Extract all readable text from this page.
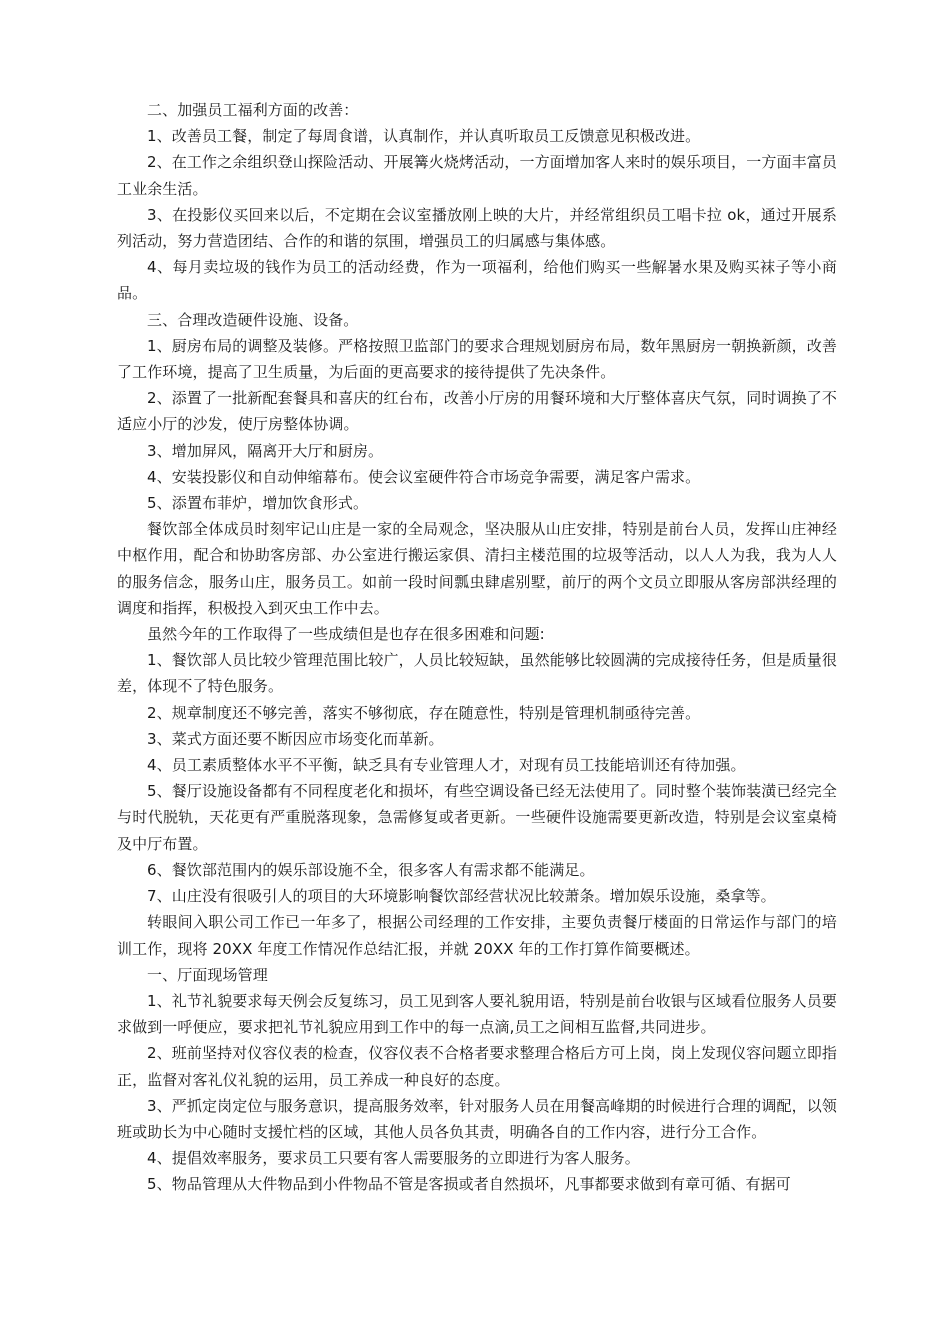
二、加强员工福利方面的改善：

1、改善员工餐，制定了每周食谱，认真制作，并认真听取员工反馈意见积极改进。

2、在工作之余组织登山探险活动、开展篝火烧烤活动，一方面增加客人来时的娱乐项目，一方面丰富员工业余生活。

3、在投影仪买回来以后，不定期在会议室播放刚上映的大片，并经常组织员工唱卡拉 ok，通过开展系列活动，努力营造团结、合作的和谐的氛围，增强员工的归属感与集体感。

4、每月卖垃圾的钱作为员工的活动经费，作为一项福利，给他们购买一些解暑水果及购买袜子等小商品。

三、合理改造硬件设施、设备。

1、厨房布局的调整及装修。严格按照卫监部门的要求合理规划厨房布局，数年黑厨房一朝换新颜，改善了工作环境，提高了卫生质量，为后面的更高要求的接待提供了先决条件。

2、添置了一批新配套餐具和喜庆的红台布，改善小厅房的用餐环境和大厅整体喜庆气氛，同时调换了不适应小厅的沙发，使厅房整体协调。

3、增加屏风，隔离开大厅和厨房。

4、安装投影仪和自动伸缩幕布。使会议室硬件符合市场竞争需要，满足客户需求。

5、添置布菲炉，增加饮食形式。

餐饮部全体成员时刻牢记山庄是一家的全局观念，坚决服从山庄安排，特别是前台人员，发挥山庄神经中枢作用，配合和协助客房部、办公室进行搬运家俱、清扫主楼范围的垃圾等活动，以人人为我，我为人人的服务信念，服务山庄，服务员工。如前一段时间瓢虫肆虐别墅，前厅的两个文员立即服从客房部洪经理的调度和指挥，积极投入到灭虫工作中去。

虽然今年的工作取得了一些成绩但是也存在很多困难和问题:

1、餐饮部人员比较少管理范围比较广，人员比较短缺，虽然能够比较圆满的完成接待任务，但是质量很差，体现不了特色服务。

2、规章制度还不够完善，落实不够彻底，存在随意性，特别是管理机制亟待完善。

3、菜式方面还要不断因应市场变化而革新。

4、员工素质整体水平不平衡，缺乏具有专业管理人才，对现有员工技能培训还有待加强。

5、餐厅设施设备都有不同程度老化和损坏，有些空调设备已经无法使用了。同时整个装饰装潢已经完全与时代脱轨，天花更有严重脱落现象，急需修复或者更新。一些硬件设施需要更新改造，特别是会议室桌椅及中厅布置。

6、餐饮部范围内的娱乐部设施不全，很多客人有需求都不能满足。

7、山庄没有很吸引人的项目的大环境影响餐饮部经营状况比较萧条。增加娱乐设施，桑拿等。

转眼间入职公司工作已一年多了，根据公司经理的工作安排，主要负责餐厅楼面的日常运作与部门的培训工作，现将 20XX 年度工作情况作总结汇报，并就 20XX 年的工作打算作简要概述。

一、厅面现场管理

1、礼节礼貌要求每天例会反复练习，员工见到客人要礼貌用语，特别是前台收银与区域看位服务人员要求做到一呼便应，要求把礼节礼貌应用到工作中的每一点滴,员工之间相互监督,共同进步。

2、班前坚持对仪容仪表的检查，仪容仪表不合格者要求整理合格后方可上岗，岗上发现仪容问题立即指正，监督对客礼仪礼貌的运用，员工养成一种良好的态度。

3、严抓定岗定位与服务意识，提高服务效率，针对服务人员在用餐高峰期的时候进行合理的调配，以领班或助长为中心随时支援忙档的区域，其他人员各负其责，明确各自的工作内容，进行分工合作。

4、提倡效率服务，要求员工只要有客人需要服务的立即进行为客人服务。

5、物品管理从大件物品到小件物品不管是客损或者自然损坏，凡事都要求做到有章可循、有据可
